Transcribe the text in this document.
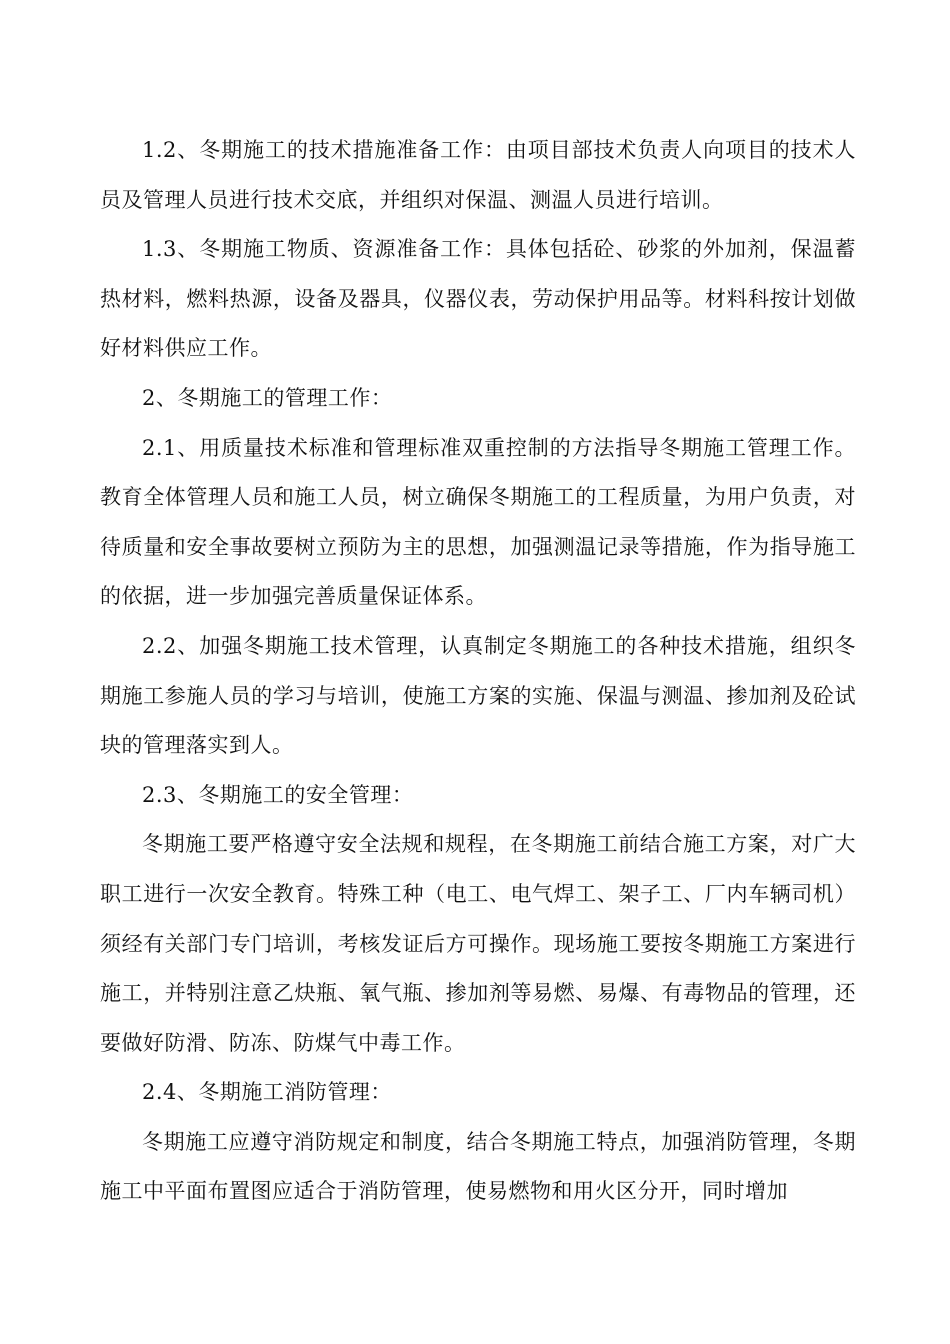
1.2、冬期施工的技术措施准备工作：由项目部技术负责人向项目的技术人员及管理人员进行技术交底，并组织对保温、测温人员进行培训。

1.3、冬期施工物质、资源准备工作：具体包括砼、砂浆的外加剂，保温蓄热材料，燃料热源，设备及器具，仪器仪表，劳动保护用品等。材料科按计划做好材料供应工作。

2、冬期施工的管理工作：

2.1、用质量技术标准和管理标准双重控制的方法指导冬期施工管理工作。教育全体管理人员和施工人员，树立确保冬期施工的工程质量，为用户负责，对待质量和安全事故要树立预防为主的思想，加强测温记录等措施，作为指导施工的依据，进一步加强完善质量保证体系。

2.2、加强冬期施工技术管理，认真制定冬期施工的各种技术措施，组织冬期施工参施人员的学习与培训，使施工方案的实施、保温与测温、掺加剂及砼试块的管理落实到人。

2.3、冬期施工的安全管理：

冬期施工要严格遵守安全法规和规程，在冬期施工前结合施工方案，对广大职工进行一次安全教育。特殊工种（电工、电气焊工、架子工、厂内车辆司机）须经有关部门专门培训，考核发证后方可操作。现场施工要按冬期施工方案进行施工，并特别注意乙炔瓶、氧气瓶、掺加剂等易燃、易爆、有毒物品的管理，还要做好防滑、防冻、防煤气中毒工作。

2.4、冬期施工消防管理：

冬期施工应遵守消防规定和制度，结合冬期施工特点，加强消防管理，冬期施工中平面布置图应适合于消防管理，使易燃物和用火区分开，同时增加
